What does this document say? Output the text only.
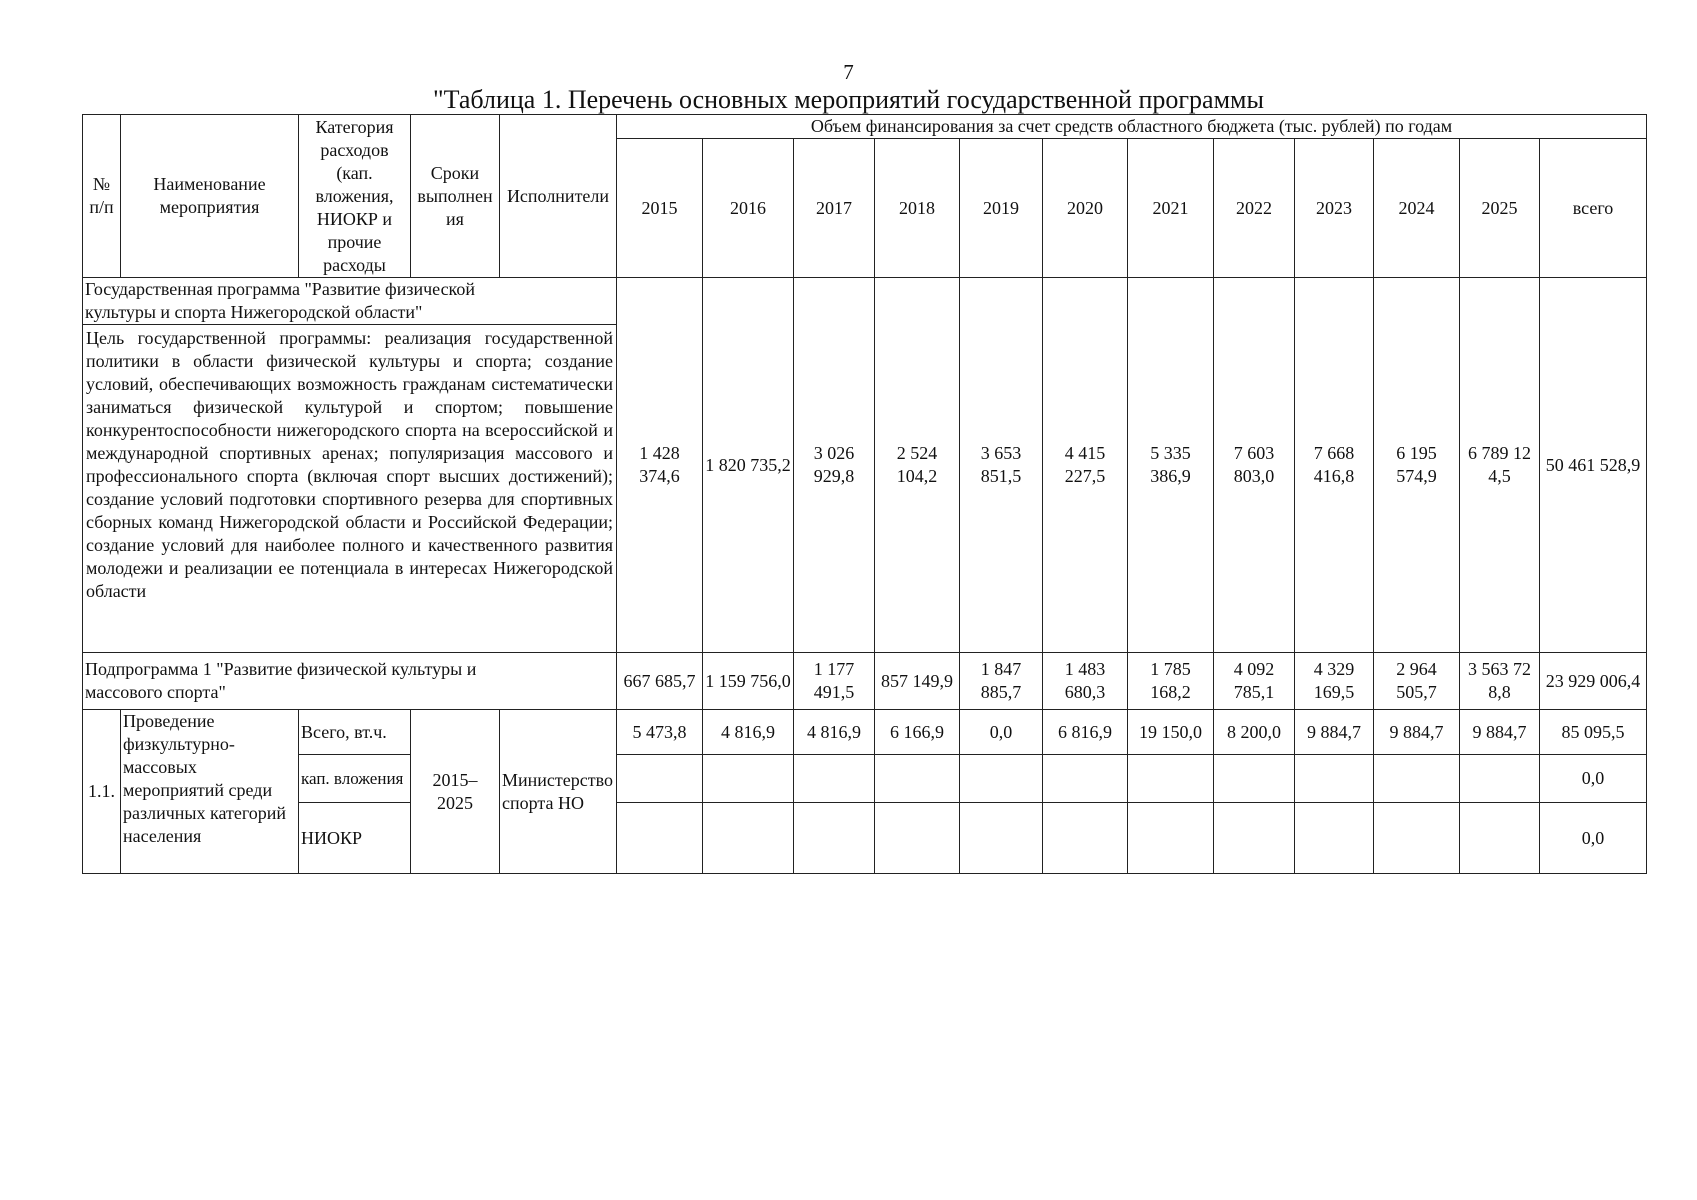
7
"Таблица 1. Перечень основных мероприятий государственной программы
№ п/п	Наименование мероприятия	Категория расходов (кап. вложения, НИОКР и прочие расходы	Сроки выполнен ия	Исполнители	Объем финансирования за счет средств областного бюджета (тыс. рублей) по годам											
					2015	2016	2017	2018	2019	2020	2021	2022	2023	2024	2025	всего
Государственная программа "Развитие физической культуры и спорта Нижегородской области"					1 428 374,6	1 820 735,2	3 026 929,8	2 524 104,2	3 653 851,5	4 415 227,5	5 335 386,9	7 603 803,0	7 668 416,8	6 195 574,9	6 789 12 4,5	50 461 528,9
Цель государственной программы: реализация государственной политики в области физической культуры и спорта; создание условий, обеспечивающих возможность гражданам систематически заниматься физической культурой и спортом; повышение конкурентоспособности нижегородского спорта на всероссийской и международной спортивных аренах; популяризация массового и профессионального спорта (включая спорт высших достижений); создание условий подготовки спортивного резерва для спортивных сборных команд Нижегородской области и Российской Федерации; создание условий для наиболее полного и качественного развития молодежи и реализации ее потенциала в интересах Нижегородской области																
Подпрограмма 1 "Развитие физической культуры и массового спорта"					667 685,7	1 159 756,0	1 177 491,5	857 149,9	1 847 885,7	1 483 680,3	1 785 168,2	4 092 785,1	4 329 169,5	2 964 505,7	3 563 72 8,8	23 929 006,4
1.1.	Проведение физкультурно-массовых мероприятий среди различных категорий населения	Всего, вт.ч.	2015– 2025	Министерство спорта НО	5 473,8	4 816,9	4 816,9	6 166,9	0,0	6 816,9	19 150,0	8 200,0	9 884,7	9 884,7	9 884,7	85 095,5
		кап. вложения														0,0
		НИОКР														0,0
